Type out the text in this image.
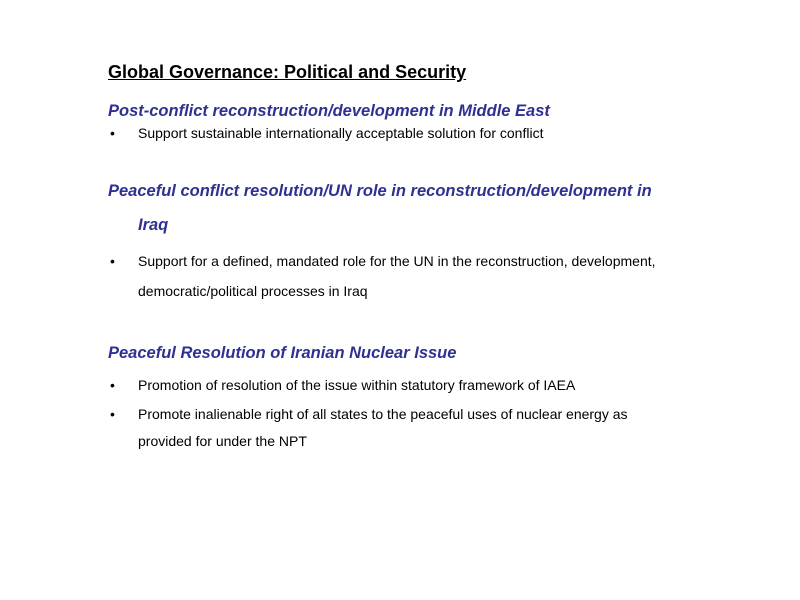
Global Governance: Political and Security
Post-conflict reconstruction/development in Middle East
• Support sustainable internationally acceptable solution for conflict
Peaceful conflict resolution/UN role in reconstruction/development in
Iraq
• Support for a defined, mandated role for the UN in the reconstruction, development,
democratic/political processes in Iraq
Peaceful Resolution of Iranian Nuclear Issue
• Promotion of resolution of the issue within statutory framework of IAEA
• Promote inalienable right of all states to the peaceful uses of nuclear energy as
provided for under the NPT
